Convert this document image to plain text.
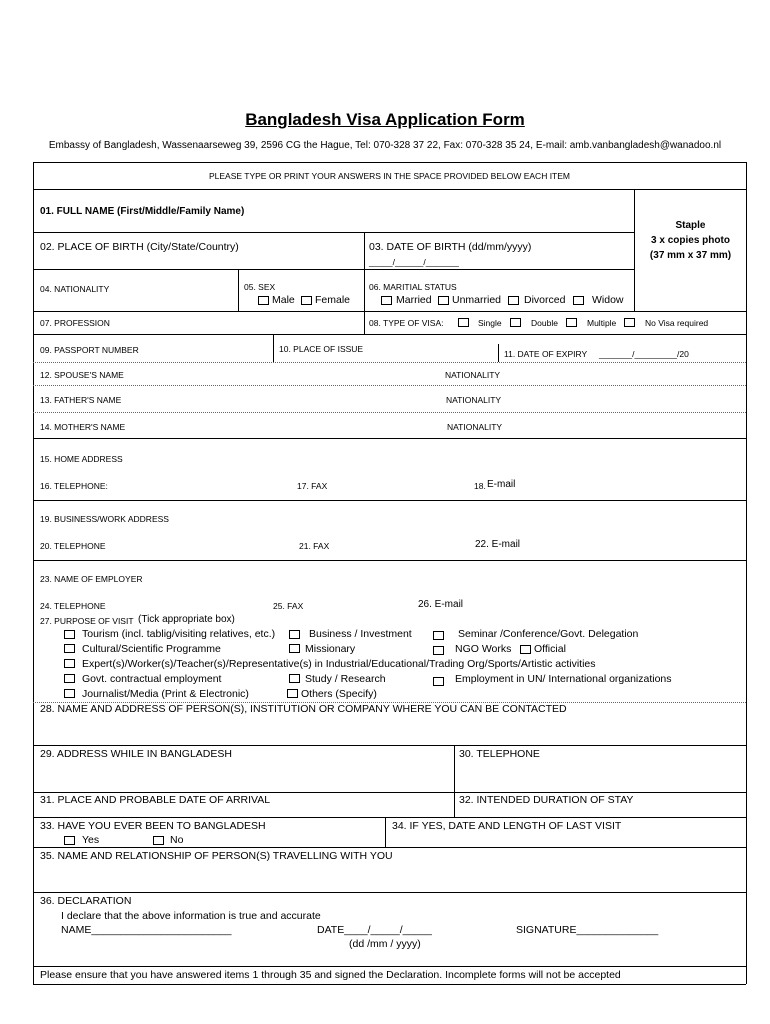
Bangladesh Visa Application Form
Embassy of Bangladesh, Wassenaarseweg 39, 2596 CG the Hague, Tel: 070-328 37 22, Fax: 070-328 35 24, E-mail: amb.vanbangladesh@wanadoo.nl
PLEASE TYPE OR PRINT YOUR ANSWERS IN THE SPACE PROVIDED BELOW EACH ITEM
Staple
3 x copies photo
(37 mm x 37 mm)
01. FULL NAME (First/Middle/Family Name)
02. PLACE OF BIRTH (City/State/Country)	03. DATE OF BIRTH (dd/mm/yyyy)
_____/______/_______
04. NATIONALITY	05. SEX
Male Female
06. MARITIAL STATUS
Married Unmarried Divorced	Widow
07. PROFESSION	08. TYPE OF VISA:	Single	Double	Multiple	No Visa required
09. PASSPORT NUMBER	10. PLACE OF ISSUE	11. DATE OF EXPIRY _______/_________/20
12. SPOUSE'S NAME	NATIONALITY
13. FATHER'S NAME	NATIONALITY
14. MOTHER'S NAME	NATIONALITY
15. HOME ADDRESS
16. TELEPHONE:	17. FAX	18. E-mail
19. BUSINESS/WORK ADDRESS
20. TELEPHONE	21. FAX	22. E-mail
23. NAME OF EMPLOYER
24. TELEPHONE	25. FAX	26. E-mail
27. PURPOSE OF VISIT (Tick appropriate box)
Tourism (incl. tablig/visiting relatives, etc.)	Business / Investment	Seminar /Conference/Govt. Delegation
Cultural/Scientific Programme	Missionary	NGO Works Official
Expert(s)/Worker(s)/Teacher(s)/Representative(s) in Industrial/Educational/Trading Org/Sports/Artistic activities
Govt. contractual employment	Study / Research	Employment in UN/ International organizations
Journalist/Media (Print & Electronic)	Others (Specify)
28. NAME AND ADDRESS OF PERSON(S), INSTITUTION OR COMPANY WHERE YOU CAN BE CONTACTED
29. ADDRESS WHILE IN BANGLADESH	30. TELEPHONE
31. PLACE AND PROBABLE DATE OF ARRIVAL	32. INTENDED DURATION OF STAY
33. HAVE YOU EVER BEEN TO BANGLADESH
Yes	No
34. IF YES, DATE AND LENGTH OF LAST VISIT
35. NAME AND RELATIONSHIP OF PERSON(S) TRAVELLING WITH YOU
36. DECLARATION
I declare that the above information is true and accurate
NAME________________________	DATE____/_____/_____	SIGNATURE______________
(dd /mm / yyyy)
Please ensure that you have answered items 1 through 35 and signed the Declaration. Incomplete forms will not be accepted
